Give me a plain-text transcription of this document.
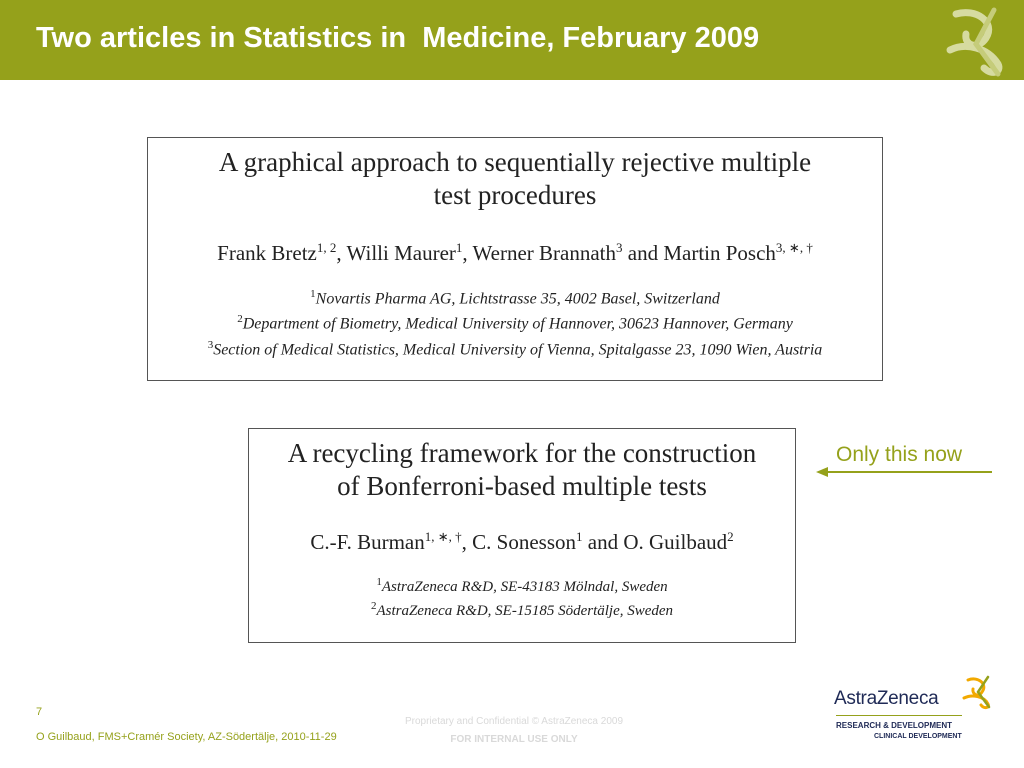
Two articles in Statistics in  Medicine, February 2009
A graphical approach to sequentially rejective multiple
test procedures
Frank Bretz$^{1, 2}$, Willi Maurer$^1$, Werner Brannath$^3$ and Martin Posch$^{3, ∗, \dagger}$
$^1$Novartis Pharma AG, Lichtstrasse 35, 4002 Basel, Switzerland
$^2$Department of Biometry, Medical University of Hannover, 30623 Hannover, Germany
$^3$Section of Medical Statistics, Medical University of Vienna, Spitalgasse 23, 1090 Wien, Austria
A recycling framework for the construction
of Bonferroni-based multiple tests
C.-F. Burman$^{1, ∗, \dagger}$, C. Sonesson$^1$ and O. Guilbaud$^2$
$^1$AstraZeneca R&D, SE-43183 Mölndal, Sweden
$^2$AstraZeneca R&D, SE-15185 Södertälje, Sweden
Only this now
7
O Guilbaud, FMS+Cramér Society, AZ-Södertälje, 2010-11-29
Proprietary and Confidential © AstraZeneca 2009
FOR INTERNAL USE ONLY
AstraZeneca
RESEARCH & DEVELOPMENT
CLINICAL DEVELOPMENT
